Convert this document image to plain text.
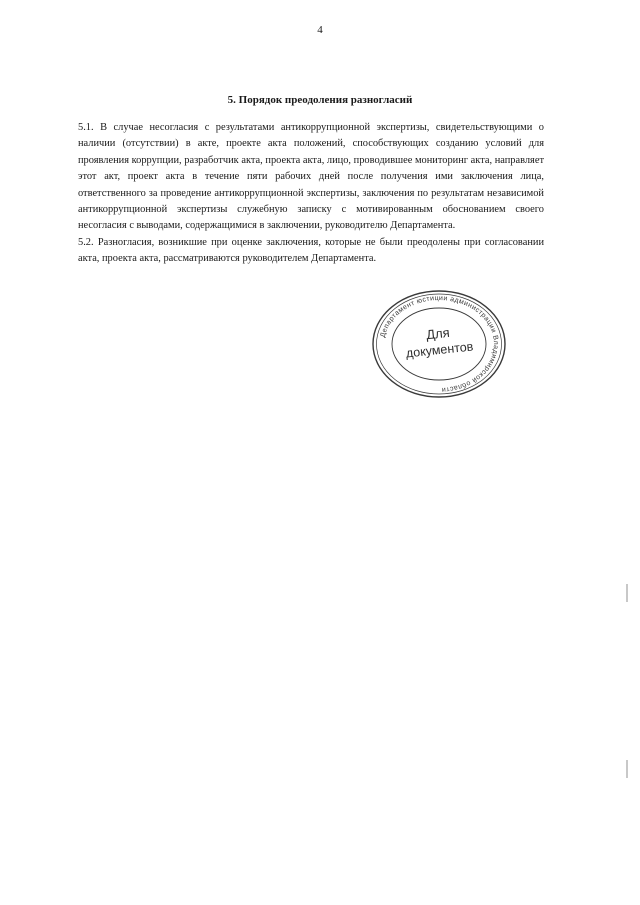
4
5. Порядок преодоления разногласий

5.1. В случае несогласия с результатами антикоррупционной экспертизы, свидетельствующими о наличии (отсутствии) в акте, проекте акта положений, способствующих созданию условий для проявления коррупции, разработчик акта, проекта акта, лицо, проводившее мониторинг акта, направляет этот акт, проект акта в течение пяти рабочих дней после получения ими заключения лица, ответственного за проведение антикоррупционной экспертизы, заключения по результатам независимой антикоррупционной экспертизы служебную записку с мотивированным обоснованием своего несогласия с выводами, содержащимися в заключении, руководителю Департамента.

5.2. Разногласия, возникшие при оценке заключения, которые не были преодолены при согласовании акта, проекта акта, рассматриваются руководителем Департамента.

Департамент юстиции администрации Владимирской области
Для
документов
